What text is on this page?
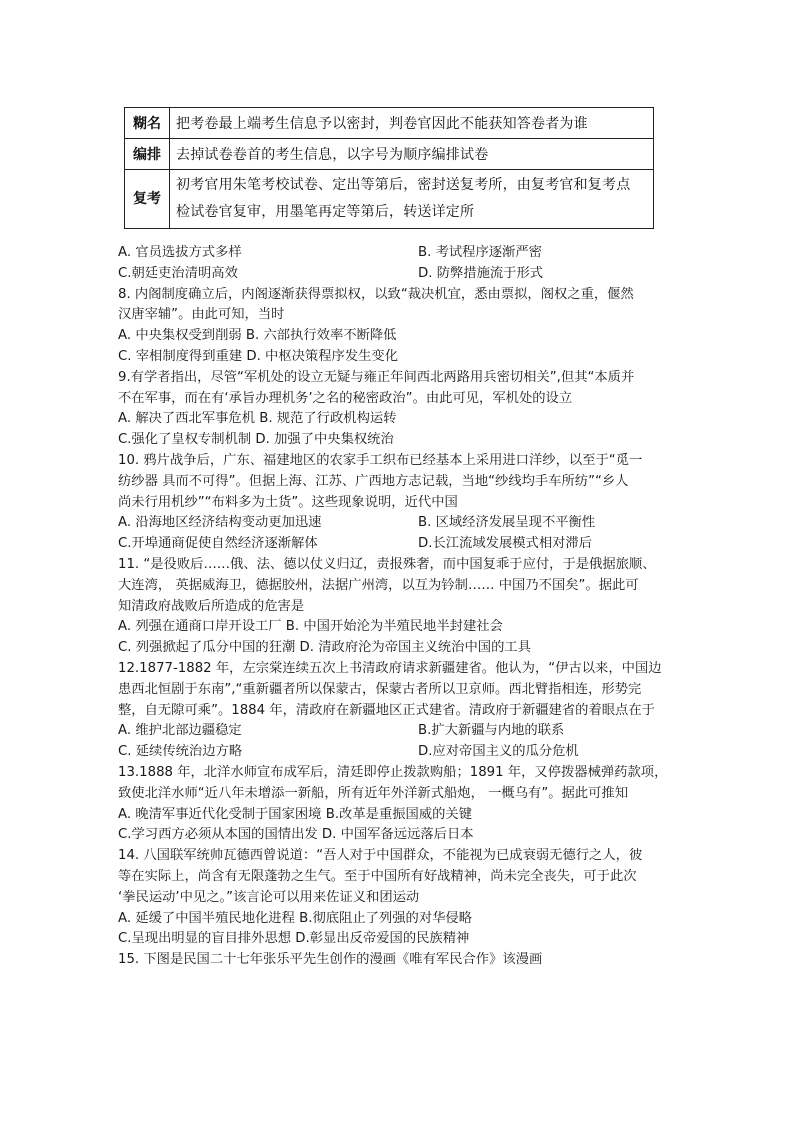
糊名	把考卷最上端考生信息予以密封，判卷官因此不能获知答卷者为谁
编排	去掉试卷卷首的考生信息，以字号为顺序编排试卷
复考	初考官用朱笔考校试卷、定出等第后，密封送复考所，由复考官和复考点
检试卷官复审，用墨笔再定等第后，转送详定所
A. 官员选拔方式多样	B. 考试程序逐渐严密
C.朝廷吏治清明高效	D. 防弊措施流于形式
8. 内阁制度确立后，内阁逐渐获得票拟权，以致“裁决机宜，悉由票拟，阁权之重，偃然
汉唐宰辅”。由此可知，当时
A. 中央集权受到削弱 B. 六部执行效率不断降低
C. 宰相制度得到重建 D. 中枢决策程序发生变化
9.有学者指出，尽管“军机处的设立无疑与雍正年间西北两路用兵密切相关”,但其“本质并
不在军事，而在有‘承旨办理机务’之名的秘密政治”。由此可见，军机处的设立
A. 解决了西北军事危机 B. 规范了行政机构运转
C.强化了皇权专制机制 D. 加强了中央集权统治
10. 鸦片战争后，广东、福建地区的农家手工织布已经基本上采用进口洋纱，以至于“觅一
纺纱器 具而不可得”。但据上海、江苏、广西地方志记载，当地“纱线均手车所纺”“乡人
尚未行用机纱”“布料多为土货”。这些现象说明，近代中国
A. 沿海地区经济结构变动更加迅速	B. 区域经济发展呈现不平衡性
C.开埠通商促使自然经济逐渐解体	D.长江流域发展模式相对滞后
11. “是役败后……俄、法、德以仗义归辽，责报殊奢，而中国复乖于应付，于是俄据旅顺、
大连湾， 英据威海卫，德据胶州，法据广州湾，以互为钤制…… 中国乃不国矣”。据此可
知清政府战败后所造成的危害是
A. 列强在通商口岸开设工厂 B. 中国开始沦为半殖民地半封建社会
C. 列强掀起了瓜分中国的狂潮 D. 清政府沦为帝国主义统治中国的工具
12.1877-1882 年，左宗棠连续五次上书清政府请求新疆建省。他认为，“伊古以来，中国边
患西北恒剧于东南”,“重新疆者所以保蒙古，保蒙古者所以卫京师。西北臂指相连，形势完
整，自无隙可乘”。1884 年，清政府在新疆地区正式建省。清政府于新疆建省的着眼点在于
A. 维护北部边疆稳定	B.扩大新疆与内地的联系
C. 延续传统治边方略	D.应对帝国主义的瓜分危机
13.1888 年，北洋水师宣布成军后，清廷即停止拨款购船；1891 年，又停拨器械弹药款项，
致使北洋水师“近八年未增添一新船，所有近年外洋新式船炮， 一概乌有”。据此可推知
A. 晚清军事近代化受制于国家困境 B.改革是重振国威的关键
C.学习西方必须从本国的国情出发 D. 中国军备远远落后日本
14. 八国联军统帅瓦德西曾说道：“吾人对于中国群众，不能视为已成衰弱无德行之人，彼
等在实际上，尚含有无限蓬勃之生气。至于中国所有好战精神，尚未完全丧失，可于此次
‘拳民运动’中见之。”该言论可以用来佐证义和团运动
A. 延缓了中国半殖民地化进程 B.彻底阻止了列强的对华侵略
C.呈现出明显的盲目排外思想 D.彰显出反帝爱国的民族精神
15. 下图是民国二十七年张乐平先生创作的漫画《唯有军民合作》该漫画
